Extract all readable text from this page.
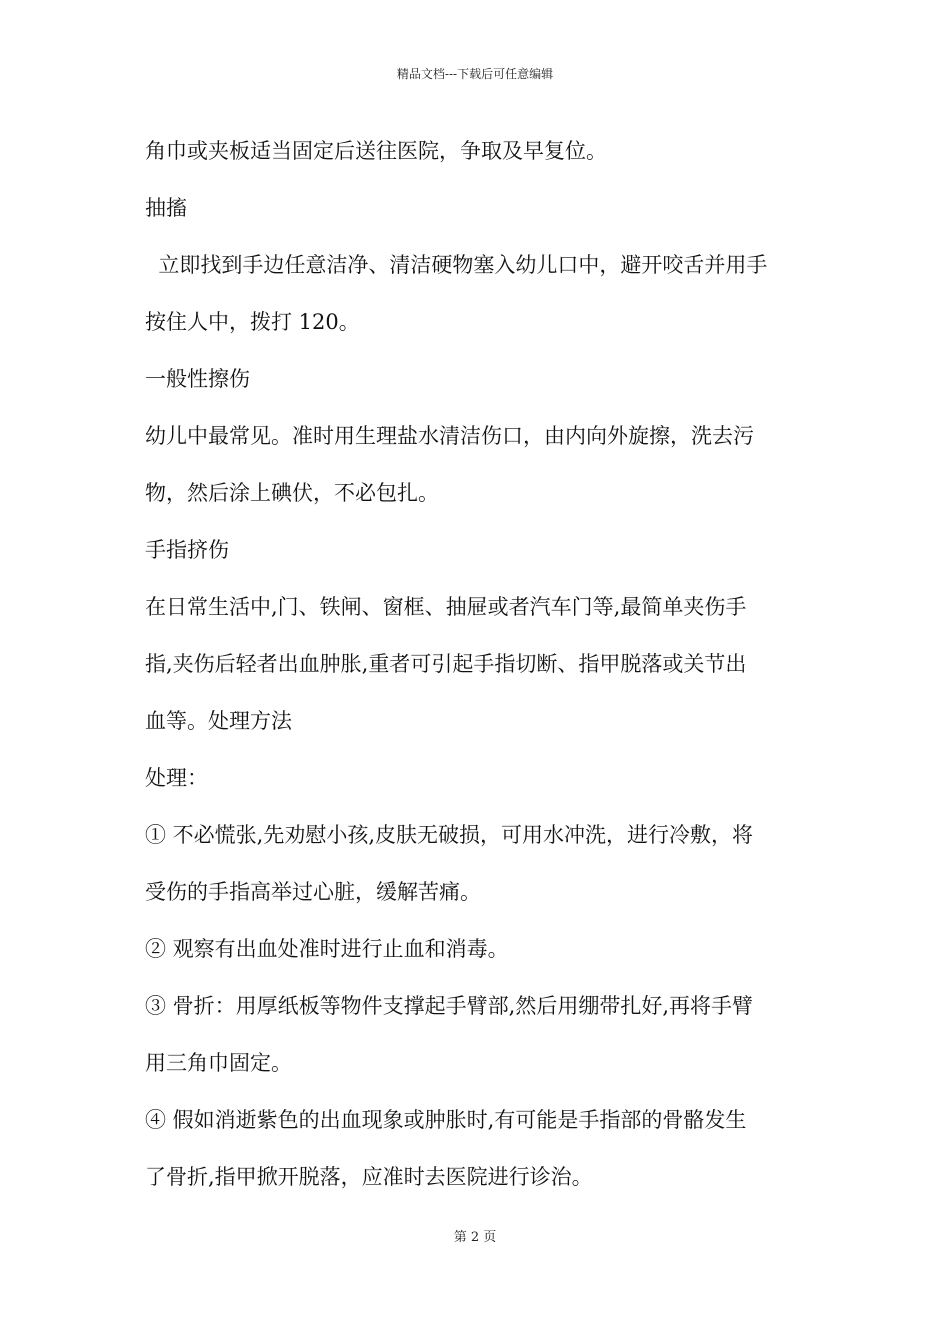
精品文档---下载后可任意编辑
角巾或夹板适当固定后送往医院，争取及早复位。
抽搐
立即找到手边任意洁净、清洁硬物塞入幼儿口中，避开咬舌并用手
按住人中，拨打 120。
一般性擦伤
幼儿中最常见。准时用生理盐水清洁伤口，由内向外旋擦，洗去污
物，然后涂上碘伏，不必包扎。
手指挤伤
在日常生活中,门、铁闸、窗框、抽屉或者汽车门等,最简单夹伤手
指,夹伤后轻者出血肿胀,重者可引起手指切断、指甲脱落或关节出
血等。处理方法
处理：
① 不必慌张,先劝慰小孩,皮肤无破损，可用水冲洗，进行冷敷，将
受伤的手指高举过心脏，缓解苦痛。
② 观察有出血处准时进行止血和消毒。
③ 骨折：用厚纸板等物件支撑起手臂部,然后用绷带扎好,再将手臂
用三角巾固定。
④ 假如消逝紫色的出血现象或肿胀时,有可能是手指部的骨骼发生
了骨折,指甲掀开脱落，应准时去医院进行诊治。
第 2 页
